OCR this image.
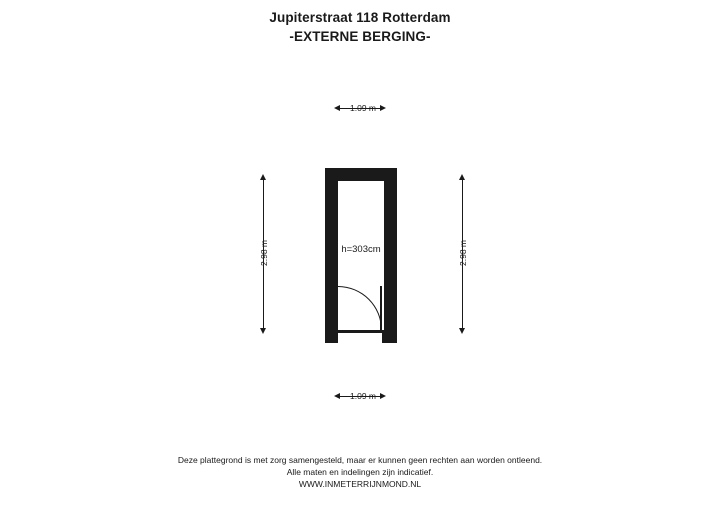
Jupiterstraat 118 Rotterdam
-EXTERNE BERGING-
1.09 m
2.98 m	2.98 m
h=303cm
1.09 m
Deze plattegrond is met zorg samengesteld, maar er kunnen geen rechten aan worden ontleend.
Alle maten en indelingen zijn indicatief.
WWW.INMETERRIJNMOND.NL
